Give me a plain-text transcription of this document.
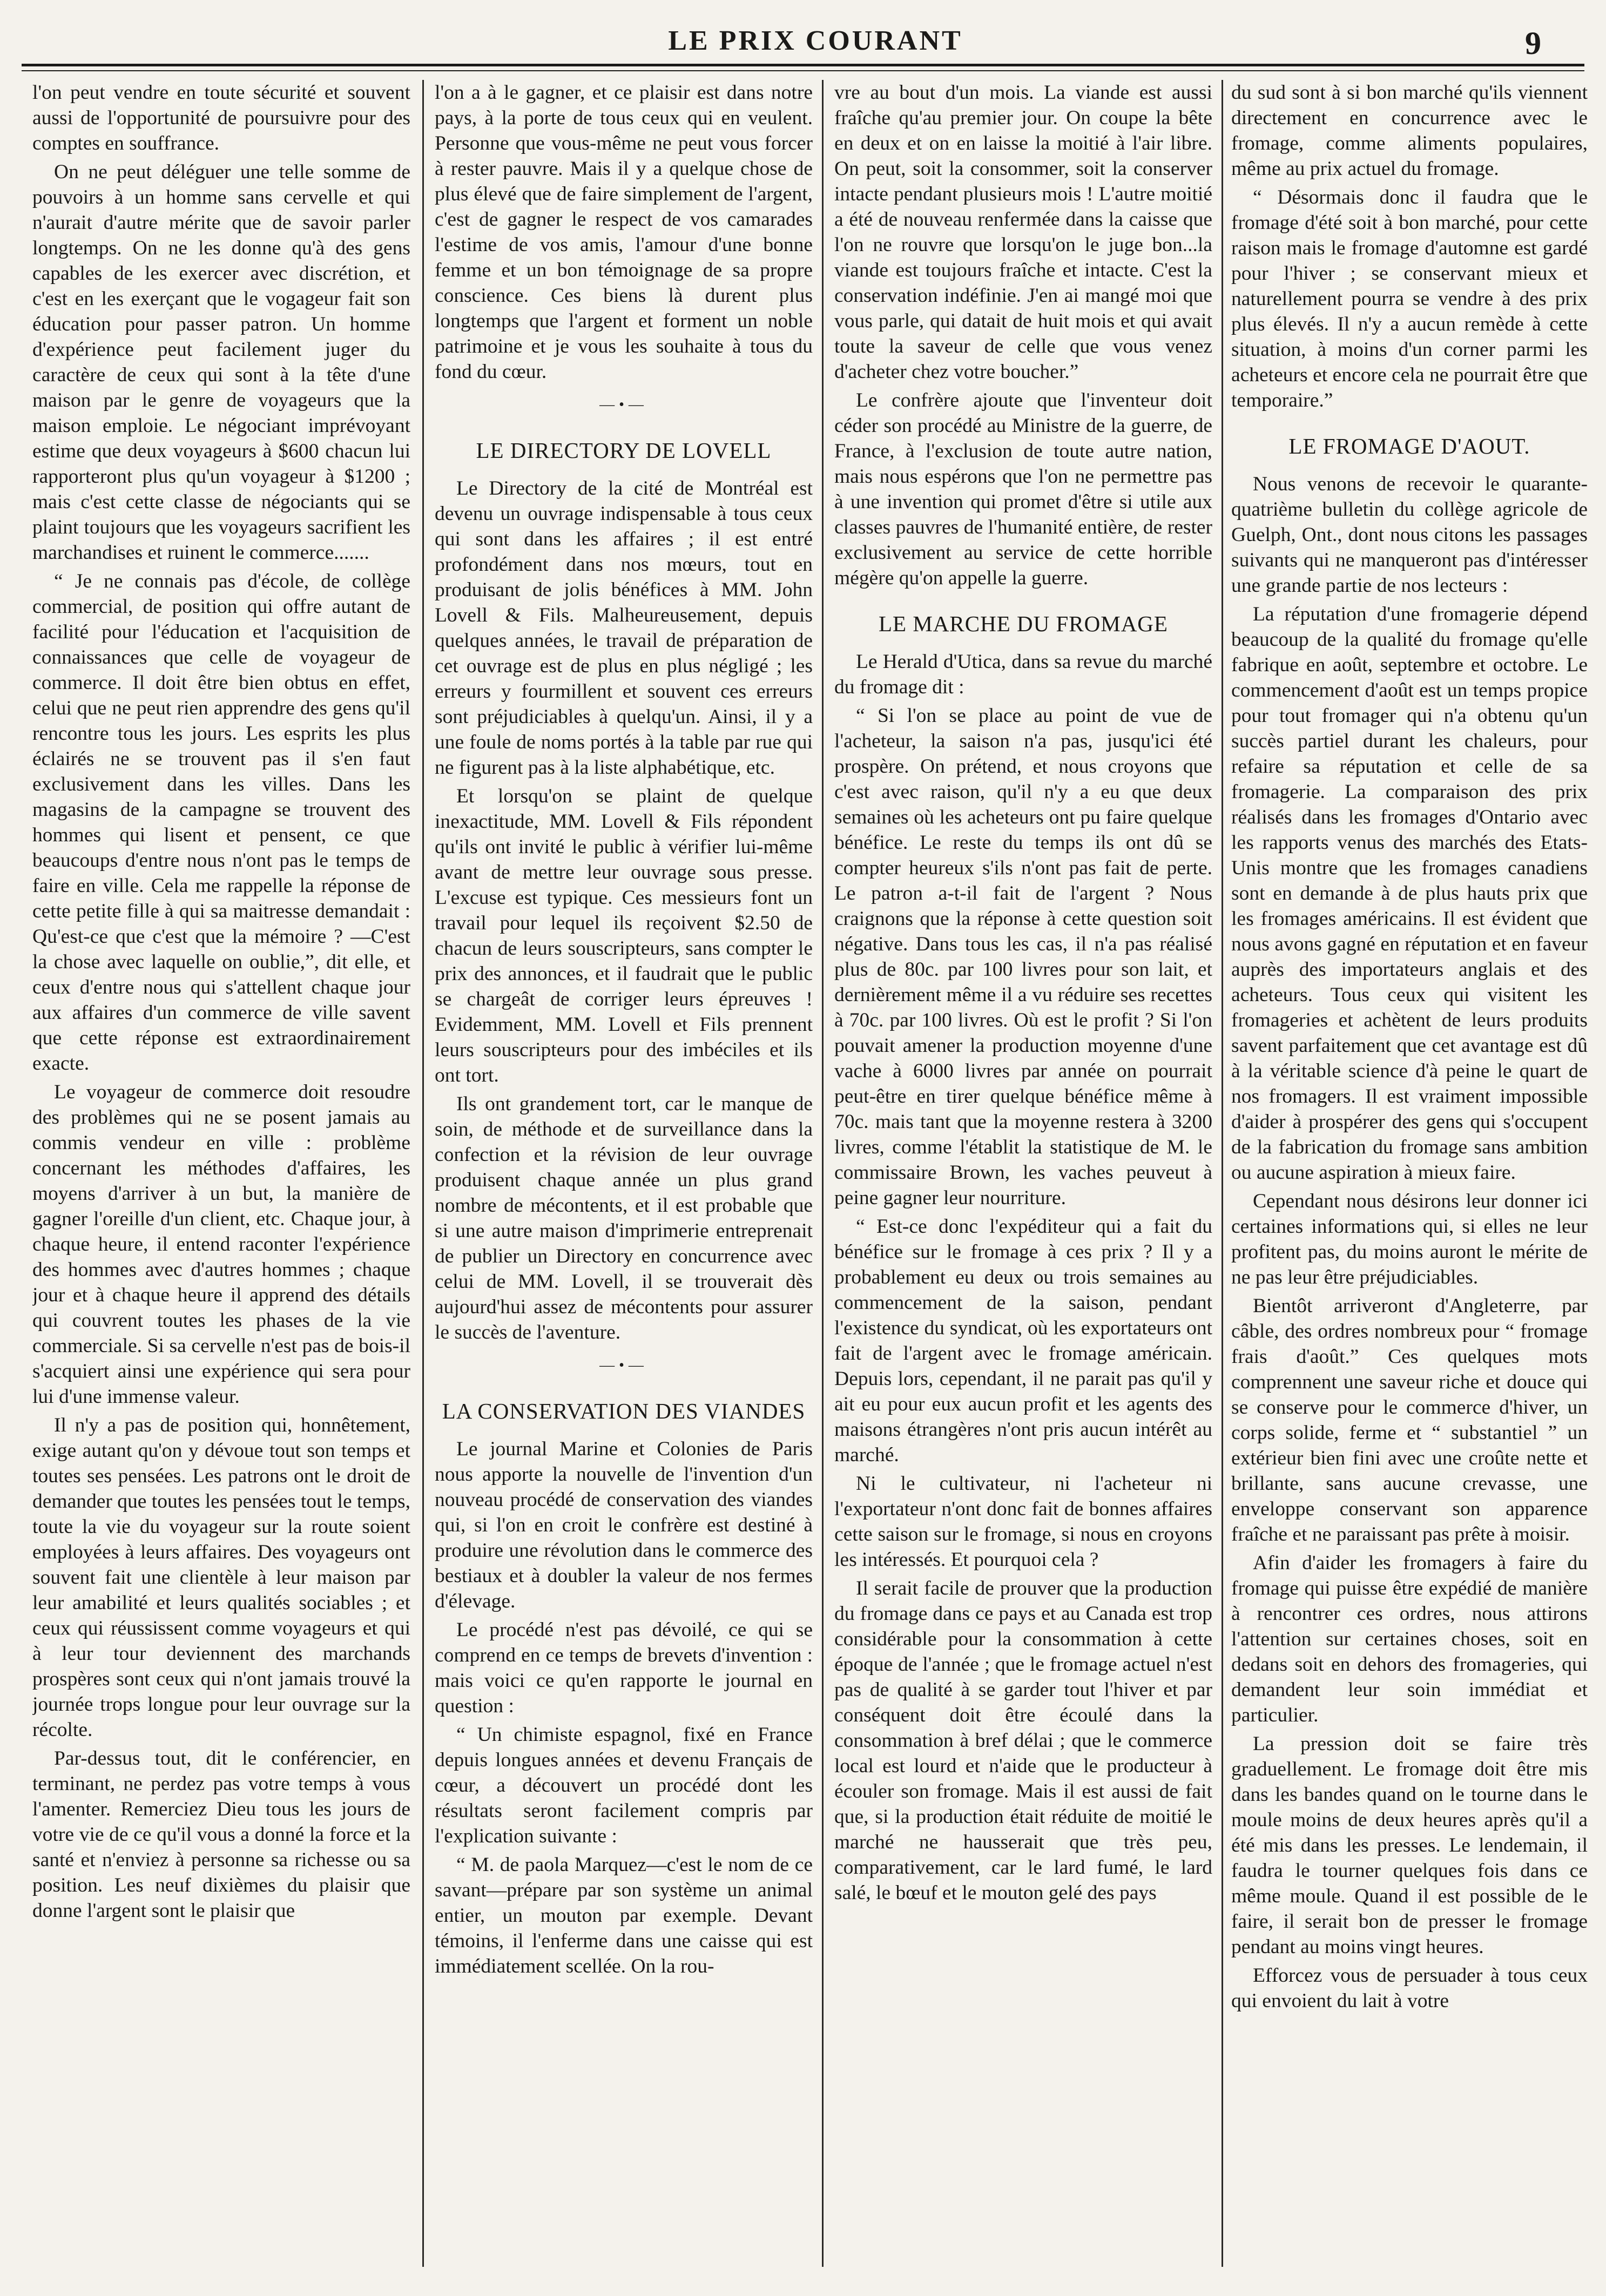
LE PRIX COURANT	9

l'on peut vendre en toute sécurité et souvent aussi de l'opportunité de poursuivre pour des comptes en souffrance.

On ne peut déléguer une telle somme de pouvoirs à un homme sans cervelle et qui n'aurait d'autre mérite que de savoir parler longtemps. On ne les donne qu'à des gens capables de les exercer avec discrétion, et c'est en les exerçant que le vogageur fait son éducation pour passer patron. Un homme d'expérience peut facilement juger du caractère de ceux qui sont à la tête d'une maison par le genre de voyageurs que la maison emploie. Le négociant imprévoyant estime que deux voyageurs à $600 chacun lui rapporteront plus qu'un voyageur à $1200 ; mais c'est cette classe de négociants qui se plaint toujours que les voyageurs sacrifient les marchandises et ruinent le commerce.......

“ Je ne connais pas d'école, de collège commercial, de position qui offre autant de facilité pour l'éducation et l'acquisition de connaissances que celle de voyageur de commerce. Il doit être bien obtus en effet, celui que ne peut rien apprendre des gens qu'il rencontre tous les jours. Les esprits les plus éclairés ne se trouvent pas il s'en faut exclusivement dans les villes. Dans les magasins de la campagne se trouvent des hommes qui lisent et pensent, ce que beaucoups d'entre nous n'ont pas le temps de faire en ville. Cela me rappelle la réponse de cette petite fille à qui sa maitresse demandait : Qu'est-ce que c'est que la mémoire ? —C'est la chose avec laquelle on oublie,”, dit elle, et ceux d'entre nous qui s'attellent chaque jour aux affaires d'un commerce de ville savent que cette réponse est extraordinairement exacte.

Le voyageur de commerce doit resoudre des problèmes qui ne se posent jamais au commis vendeur en ville : problème concernant les méthodes d'affaires, les moyens d'arriver à un but, la manière de gagner l'oreille d'un client, etc. Chaque jour, à chaque heure, il entend raconter l'expérience des hommes avec d'autres hommes ; chaque jour et à chaque heure il apprend des détails qui couvrent toutes les phases de la vie commerciale. Si sa cervelle n'est pas de bois-il s'acquiert ainsi une expérience qui sera pour lui d'une immense valeur.

Il n'y a pas de position qui, honnêtement, exige autant qu'on y dévoue tout son temps et toutes ses pensées. Les patrons ont le droit de demander que toutes les pensées tout le temps, toute la vie du voyageur sur la route soient employées à leurs affaires. Des voyageurs ont souvent fait une clientèle à leur maison par leur amabilité et leurs qualités sociables ; et ceux qui réussissent comme voyageurs et qui à leur tour deviennent des marchands prospères sont ceux qui n'ont jamais trouvé la journée trops longue pour leur ouvrage sur la récolte.

Par-dessus tout, dit le conférencier, en terminant, ne perdez pas votre temps à vous l'amenter. Remerciez Dieu tous les jours de votre vie de ce qu'il vous a donné la force et la santé et n'enviez à personne sa richesse ou sa position. Les neuf dixièmes du plaisir que donne l'argent sont le plaisir que

l'on a à le gagner, et ce plaisir est dans notre pays, à la porte de tous ceux qui en veulent. Personne que vous-même ne peut vous forcer à rester pauvre. Mais il y a quelque chose de plus élevé que de faire simplement de l'argent, c'est de gagner le respect de vos camarades l'estime de vos amis, l'amour d'une bonne femme et un bon témoignage de sa propre conscience. Ces biens là durent plus longtemps que l'argent et forment un noble patrimoine et je vous les souhaite à tous du fond du cœur.

—•—
LE DIRECTORY DE LOVELL

Le Directory de la cité de Montréal est devenu un ouvrage indispensable à tous ceux qui sont dans les affaires ; il est entré profondément dans nos mœurs, tout en produisant de jolis bénéfices à MM. John Lovell & Fils. Malheureusement, depuis quelques années, le travail de préparation de cet ouvrage est de plus en plus négligé ; les erreurs y fourmillent et souvent ces erreurs sont préjudiciables à quelqu'un. Ainsi, il y a une foule de noms portés à la table par rue qui ne figurent pas à la liste alphabétique, etc.

Et lorsqu'on se plaint de quelque inexactitude, MM. Lovell & Fils répondent qu'ils ont invité le public à vérifier lui-même avant de mettre leur ouvrage sous presse. L'excuse est typique. Ces messieurs font un travail pour lequel ils reçoivent $2.50 de chacun de leurs souscripteurs, sans compter le prix des annonces, et il faudrait que le public se chargeât de corriger leurs épreuves ! Evidemment, MM. Lovell et Fils prennent leurs souscripteurs pour des imbéciles et ils ont tort.

Ils ont grandement tort, car le manque de soin, de méthode et de surveillance dans la confection et la révision de leur ouvrage produisent chaque année un plus grand nombre de mécontents, et il est probable que si une autre maison d'imprimerie entreprenait de publier un Directory en concurrence avec celui de MM. Lovell, il se trouverait dès aujourd'hui assez de mécontents pour assurer le succès de l'aventure.

—•—
LA CONSERVATION DES VIANDES

Le journal Marine et Colonies de Paris nous apporte la nouvelle de l'invention d'un nouveau procédé de conservation des viandes qui, si l'on en croit le confrère est destiné à produire une révolution dans le commerce des bestiaux et à doubler la valeur de nos fermes d'élevage.

Le procédé n'est pas dévoilé, ce qui se comprend en ce temps de brevets d'invention : mais voici ce qu'en rapporte le journal en question :

“ Un chimiste espagnol, fixé en France depuis longues années et devenu Français de cœur, a découvert un procédé dont les résultats seront facilement compris par l'explication suivante :

“ M. de paola Marquez—c'est le nom de ce savant—prépare par son système un animal entier, un mouton par exemple. Devant témoins, il l'enferme dans une caisse qui est immédiatement scellée. On la rou-

vre au bout d'un mois. La viande est aussi fraîche qu'au premier jour. On coupe la bête en deux et on en laisse la moitié à l'air libre. On peut, soit la consommer, soit la conserver intacte pendant plusieurs mois ! L'autre moitié a été de nouveau renfermée dans la caisse que l'on ne rouvre que lorsqu'on le juge bon...la viande est toujours fraîche et intacte. C'est la conservation indéfinie. J'en ai mangé moi que vous parle, qui datait de huit mois et qui avait toute la saveur de celle que vous venez d'acheter chez votre boucher.”

Le confrère ajoute que l'inventeur doit céder son procédé au Ministre de la guerre, de France, à l'exclusion de toute autre nation, mais nous espérons que l'on ne permettre pas à une invention qui promet d'être si utile aux classes pauvres de l'humanité entière, de rester exclusivement au service de cette horrible mégère qu'on appelle la guerre.

LE MARCHE DU FROMAGE

Le Herald d'Utica, dans sa revue du marché du fromage dit :

“ Si l'on se place au point de vue de l'acheteur, la saison n'a pas, jusqu'ici été prospère. On prétend, et nous croyons que c'est avec raison, qu'il n'y a eu que deux semaines où les acheteurs ont pu faire quelque bénéfice. Le reste du temps ils ont dû se compter heureux s'ils n'ont pas fait de perte. Le patron a-t-il fait de l'argent ? Nous craignons que la réponse à cette question soit négative. Dans tous les cas, il n'a pas réalisé plus de 80c. par 100 livres pour son lait, et dernièrement même il a vu réduire ses recettes à 70c. par 100 livres. Où est le profit ? Si l'on pouvait amener la production moyenne d'une vache à 6000 livres par année on pourrait peut-être en tirer quelque bénéfice même à 70c. mais tant que la moyenne restera à 3200 livres, comme l'établit la statistique de M. le commissaire Brown, les vaches peuveut à peine gagner leur nourriture.

“ Est-ce donc l'expéditeur qui a fait du bénéfice sur le fromage à ces prix ? Il y a probablement eu deux ou trois semaines au commencement de la saison, pendant l'existence du syndicat, où les exportateurs ont fait de l'argent avec le fromage américain. Depuis lors, cependant, il ne parait pas qu'il y ait eu pour eux aucun profit et les agents des maisons étrangères n'ont pris aucun intérêt au marché.

Ni le cultivateur, ni l'acheteur ni l'exportateur n'ont donc fait de bonnes affaires cette saison sur le fromage, si nous en croyons les intéressés. Et pourquoi cela ?

Il serait facile de prouver que la production du fromage dans ce pays et au Canada est trop considérable pour la consommation à cette époque de l'année ; que le fromage actuel n'est pas de qualité à se garder tout l'hiver et par conséquent doit être écoulé dans la consommation à bref délai ; que le commerce local est lourd et n'aide que le producteur à écouler son fromage. Mais il est aussi de fait que, si la production était réduite de moitié le marché ne hausserait que très peu, comparativement, car le lard fumé, le lard salé, le bœuf et le mouton gelé des pays

du sud sont à si bon marché qu'ils viennent directement en concurrence avec le fromage, comme aliments populaires, même au prix actuel du fromage.

“ Désormais donc il faudra que le fromage d'été soit à bon marché, pour cette raison mais le fromage d'automne est gardé pour l'hiver ; se conservant mieux et naturellement pourra se vendre à des prix plus élevés. Il n'y a aucun remède à cette situation, à moins d'un corner parmi les acheteurs et encore cela ne pourrait être que temporaire.”

LE FROMAGE D'AOUT.

Nous venons de recevoir le quarante-quatrième bulletin du collège agricole de Guelph, Ont., dont nous citons les passages suivants qui ne manqueront pas d'intéresser une grande partie de nos lecteurs :

La réputation d'une fromagerie dépend beaucoup de la qualité du fromage qu'elle fabrique en août, septembre et octobre. Le commencement d'août est un temps propice pour tout fromager qui n'a obtenu qu'un succès partiel durant les chaleurs, pour refaire sa réputation et celle de sa fromagerie. La comparaison des prix réalisés dans les fromages d'Ontario avec les rapports venus des marchés des Etats-Unis montre que les fromages canadiens sont en demande à de plus hauts prix que les fromages américains. Il est évident que nous avons gagné en réputation et en faveur auprès des importateurs anglais et des acheteurs. Tous ceux qui visitent les fromageries et achètent de leurs produits savent parfaitement que cet avantage est dû à la véritable science d'à peine le quart de nos fromagers. Il est vraiment impossible d'aider à prospérer des gens qui s'occupent de la fabrication du fromage sans ambition ou aucune aspiration à mieux faire.

Cependant nous désirons leur donner ici certaines informations qui, si elles ne leur profitent pas, du moins auront le mérite de ne pas leur être préjudiciables.

Bientôt arriveront d'Angleterre, par câble, des ordres nombreux pour “ fromage frais d'août.” Ces quelques mots comprennent une saveur riche et douce qui se conserve pour le commerce d'hiver, un corps solide, ferme et “ substantiel ” un extérieur bien fini avec une croûte nette et brillante, sans aucune crevasse, une enveloppe conservant son apparence fraîche et ne paraissant pas prête à moisir.

Afin d'aider les fromagers à faire du fromage qui puisse être expédié de manière à rencontrer ces ordres, nous attirons l'attention sur certaines choses, soit en dedans soit en dehors des fromageries, qui demandent leur soin immédiat et particulier.

La pression doit se faire très graduellement. Le fromage doit être mis dans les bandes quand on le tourne dans le moule moins de deux heures après qu'il a été mis dans les presses. Le lendemain, il faudra le tourner quelques fois dans ce même moule. Quand il est possible de le faire, il serait bon de presser le fromage pendant au moins vingt heures.

Efforcez vous de persuader à tous ceux qui envoient du lait à votre
